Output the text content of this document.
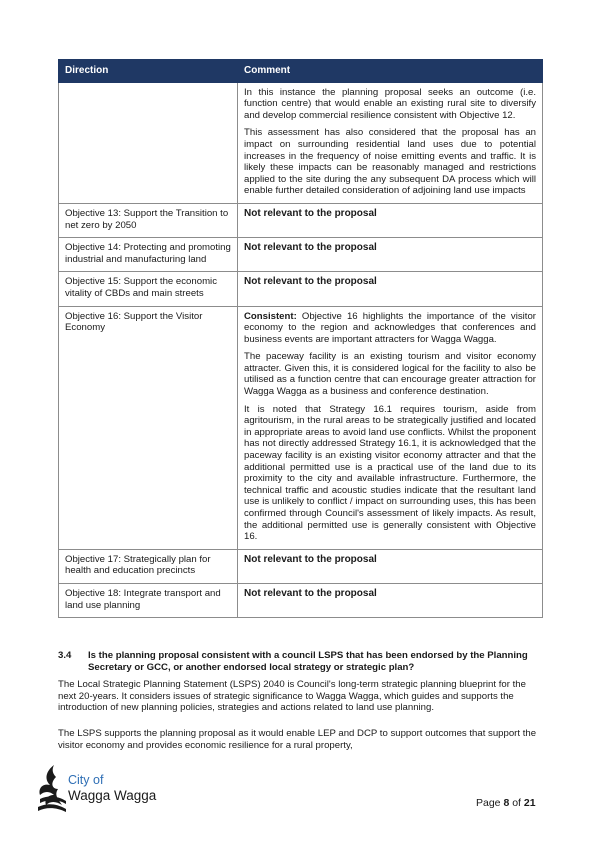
Direction	Comment

	In this instance the planning proposal seeks an outcome (i.e. function centre) that would enable an existing rural site to diversify and develop commercial resilience consistent with Objective 12.

This assessment has also considered that the proposal has an impact on surrounding residential land uses due to potential increases in the frequency of noise emitting events and traffic. It is likely these impacts can be reasonably managed and restrictions applied to the site during the any subsequent DA process which will enable further detailed consideration of adjoining land use impacts

Objective 13: Support the Transition to net zero by 2050	Not relevant to the proposal
Objective 14: Protecting and promoting industrial and manufacturing land	Not relevant to the proposal
Objective 15: Support the economic vitality of CBDs and main streets	Not relevant to the proposal
Objective 16: Support the Visitor Economy	Consistent: Objective 16 highlights the importance of the visitor economy to the region and acknowledges that conferences and business events are important attracters for Wagga Wagga.

The paceway facility is an existing tourism and visitor economy attracter. Given this, it is considered logical for the facility to also be utilised as a function centre that can encourage greater attraction for Wagga Wagga as a business and conference destination.

It is noted that Strategy 16.1 requires tourism, aside from agritourism, in the rural areas to be strategically justified and located in appropriate areas to avoid land use conflicts. Whilst the proponent has not directly addressed Strategy 16.1, it is acknowledged that the paceway facility is an existing visitor economy attracter and that the additional permitted use is a practical use of the land due to its proximity to the city and available infrastructure. Furthermore, the technical traffic and acoustic studies indicate that the resultant land use is unlikely to conflict / impact on surrounding uses, this has been confirmed through Council's assessment of likely impacts. As result, the additional permitted use is generally consistent with Objective 16.

Objective 17: Strategically plan for health and education precincts	Not relevant to the proposal
Objective 18: Integrate transport and land use planning	Not relevant to the proposal
3.4	Is the planning proposal consistent with a council LSPS that has been endorsed by the Planning Secretary or GCC, or another endorsed local strategy or strategic plan?

The Local Strategic Planning Statement (LSPS) 2040 is Council's long-term strategic planning blueprint for the next 20-years. It considers issues of strategic significance to Wagga Wagga, which guides and supports the introduction of new planning policies, strategies and actions related to land use planning.

The LSPS supports the planning proposal as it would enable LEP and DCP to support outcomes that support the visitor economy and provides economic resilience for a rural property,

City of
Wagga Wagga	Page 8 of 21
